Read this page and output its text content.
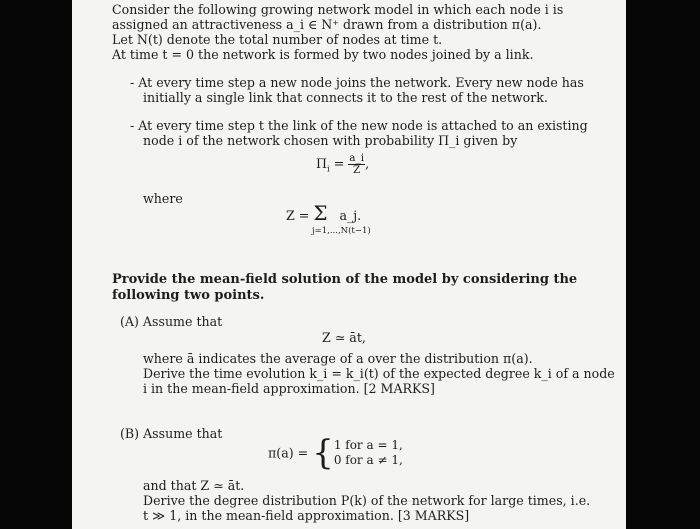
Consider the following growing network model in which each node i is
assigned an attractiveness a_i ∈ N⁺ drawn from a distribution π(a).
Let N(t) denote the total number of nodes at time t.
At time t = 0 the network is formed by two nodes joined by a link.
- At every time step a new node joins the network. Every new node has
initially a single link that connects it to the rest of the network.
- At every time step t the link of the new node is attached to an existing
node i of the network chosen with probability Π_i given by
$\Pi_i = \frac{a\_i}{Z}$ ,
where
Z = Σ a_j.
j=1,...,N(t−1)
Provide the mean-field solution of the model by considering the
following two points.
(A) Assume that
Z ≃ āt,
where ā indicates the average of a over the distribution π(a).
Derive the time evolution k_i = k_i(t) of the expected degree k_i of a node
i in the mean-field approximation. [2 MARKS]
(B) Assume that
π(a) = { 1 for a = 1,
0 for a ≠ 1,
and that Z ≃ āt.
Derive the degree distribution P(k) of the network for large times, i.e.
t ≫ 1, in the mean-field approximation. [3 MARKS]
